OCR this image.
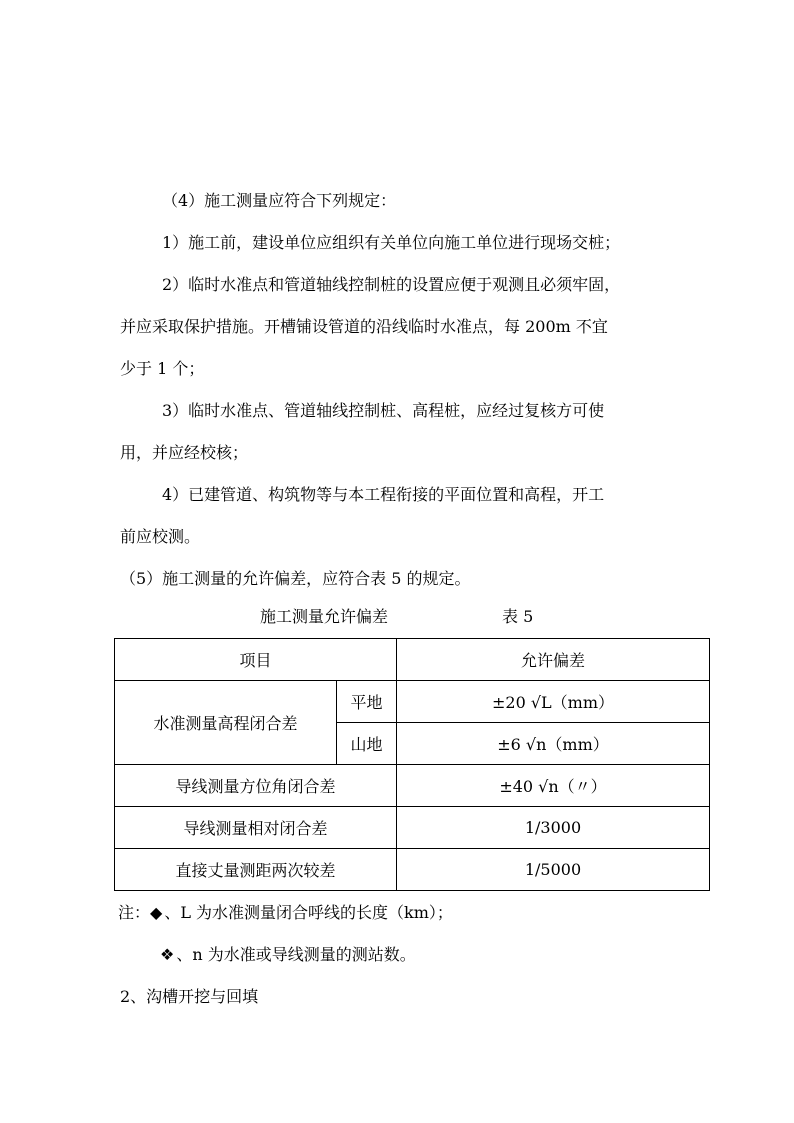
（4）施工测量应符合下列规定：
1）施工前，建设单位应组织有关单位向施工单位进行现场交桩；
2）临时水准点和管道轴线控制桩的设置应便于观测且必须牢固，
并应采取保护措施。开槽铺设管道的沿线临时水准点，每 200m 不宜
少于 1 个；
3）临时水准点、管道轴线控制桩、高程桩，应经过复核方可使
用，并应经校核；
4）已建管道、构筑物等与本工程衔接的平面位置和高程，开工
前应校测。
（5）施工测量的允许偏差，应符合表 5 的规定。
施工测量允许偏差	表 5
项目		允许偏差
水准测量高程闭合差	平地	±20 √L（mm）
	山地	±6 √n（mm）
导线测量方位角闭合差		±40 √n（〃）
导线测量相对闭合差		1/3000
直接丈量测距两次较差		1/5000
注：◆ 、L 为水准测量闭合呼线的长度（km）；
❖ 、n 为水准或导线测量的测站数。
2、沟槽开挖与回填
